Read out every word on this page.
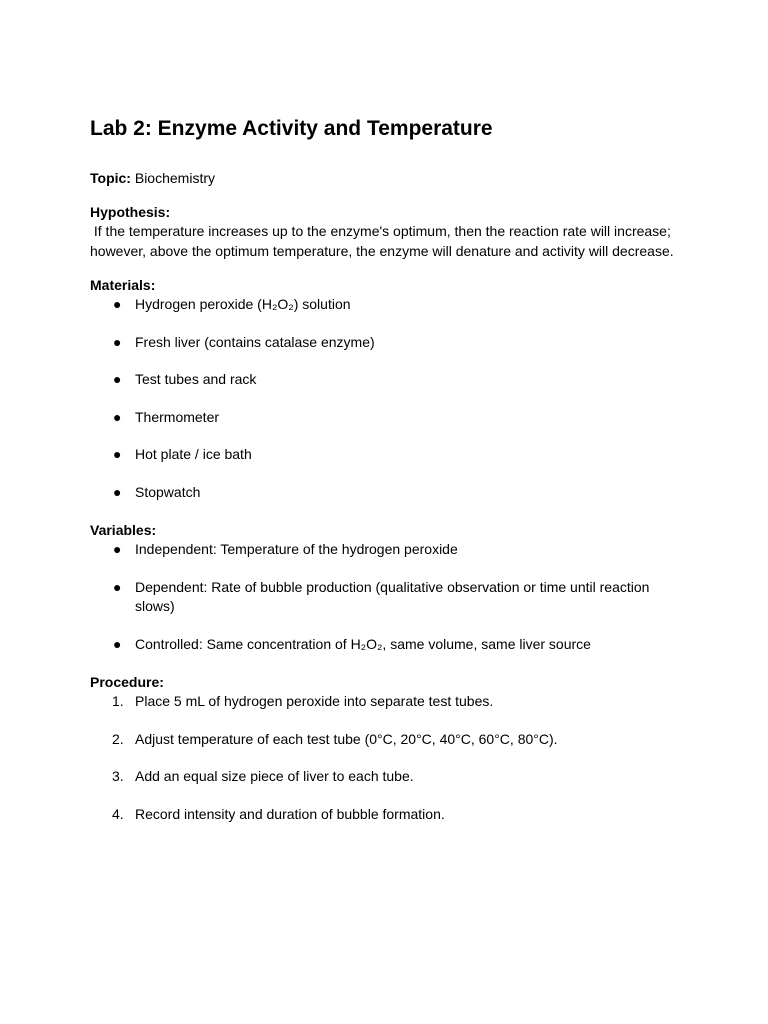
Lab 2: Enzyme Activity and Temperature
Topic: Biochemistry

Hypothesis:

If the temperature increases up to the enzyme's optimum, then the reaction rate will increase; however, above the optimum temperature, the enzyme will denature and activity will decrease.

Materials:

● Hydrogen peroxide (H₂O₂) solution
● Fresh liver (contains catalase enzyme)
● Test tubes and rack
● Thermometer
● Hot plate / ice bath
● Stopwatch

Variables:

● Independent: Temperature of the hydrogen peroxide
● Dependent: Rate of bubble production (qualitative observation or time until reaction slows)
● Controlled: Same concentration of H₂O₂, same volume, same liver source

Procedure:

1. Place 5 mL of hydrogen peroxide into separate test tubes.
2. Adjust temperature of each test tube (0°C, 20°C, 40°C, 60°C, 80°C).
3. Add an equal size piece of liver to each tube.
4. Record intensity and duration of bubble formation.
